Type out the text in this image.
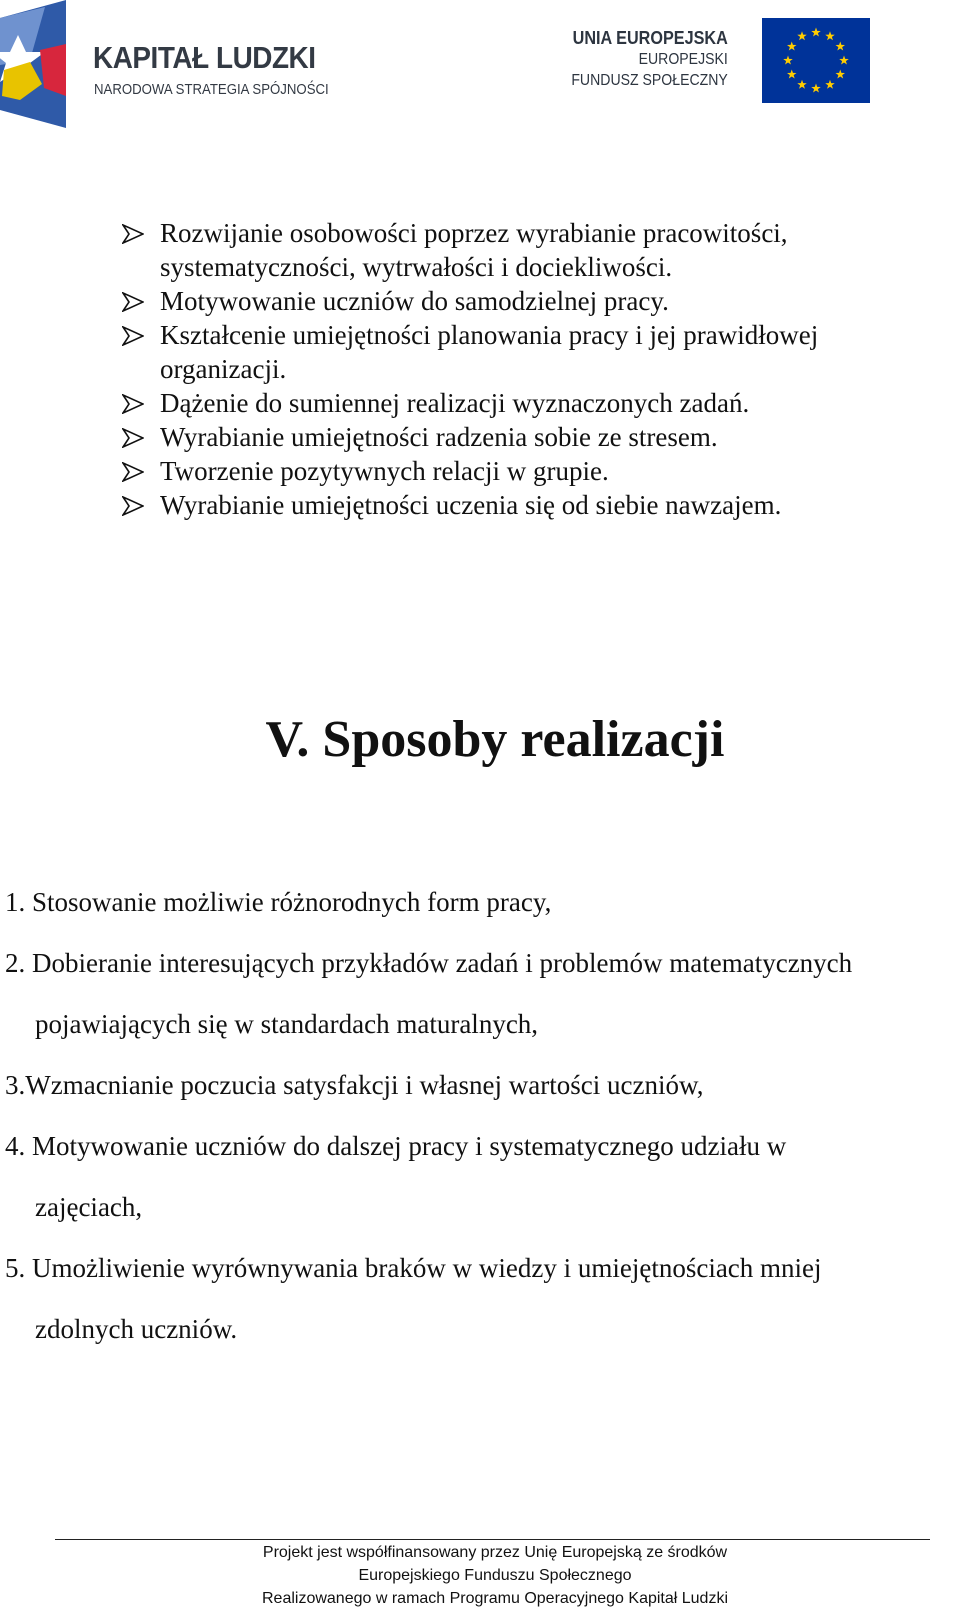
KAPITAŁ LUDZKI
NARODOWA STRATEGIA SPÓJNOŚCI
UNIA EUROPEJSKA
EUROPEJSKI
FUNDUSZ SPOŁECZNY
Rozwijanie osobowości poprzez wyrabianie pracowitości,
systematyczności, wytrwałości i dociekliwości.
Motywowanie uczniów do samodzielnej pracy.
Kształcenie umiejętności planowania pracy i jej prawidłowej
organizacji.
Dążenie do sumiennej realizacji wyznaczonych zadań.
Wyrabianie umiejętności radzenia sobie ze stresem.
Tworzenie pozytywnych relacji w grupie.
Wyrabianie umiejętności uczenia się od siebie nawzajem.
V. Sposoby realizacji
1. Stosowanie możliwie różnorodnych form pracy,
2. Dobieranie interesujących przykładów zadań i problemów matematycznych
pojawiających się w standardach maturalnych,
3.Wzmacnianie poczucia satysfakcji i własnej wartości uczniów,
4. Motywowanie uczniów do dalszej pracy i systematycznego udziału w
zajęciach,
5. Umożliwienie wyrównywania braków w wiedzy i umiejętnościach mniej
zdolnych uczniów.
Projekt jest współfinansowany przez Unię Europejską ze środków
Europejskiego Funduszu Społecznego
Realizowanego w ramach Programu Operacyjnego Kapitał Ludzki
